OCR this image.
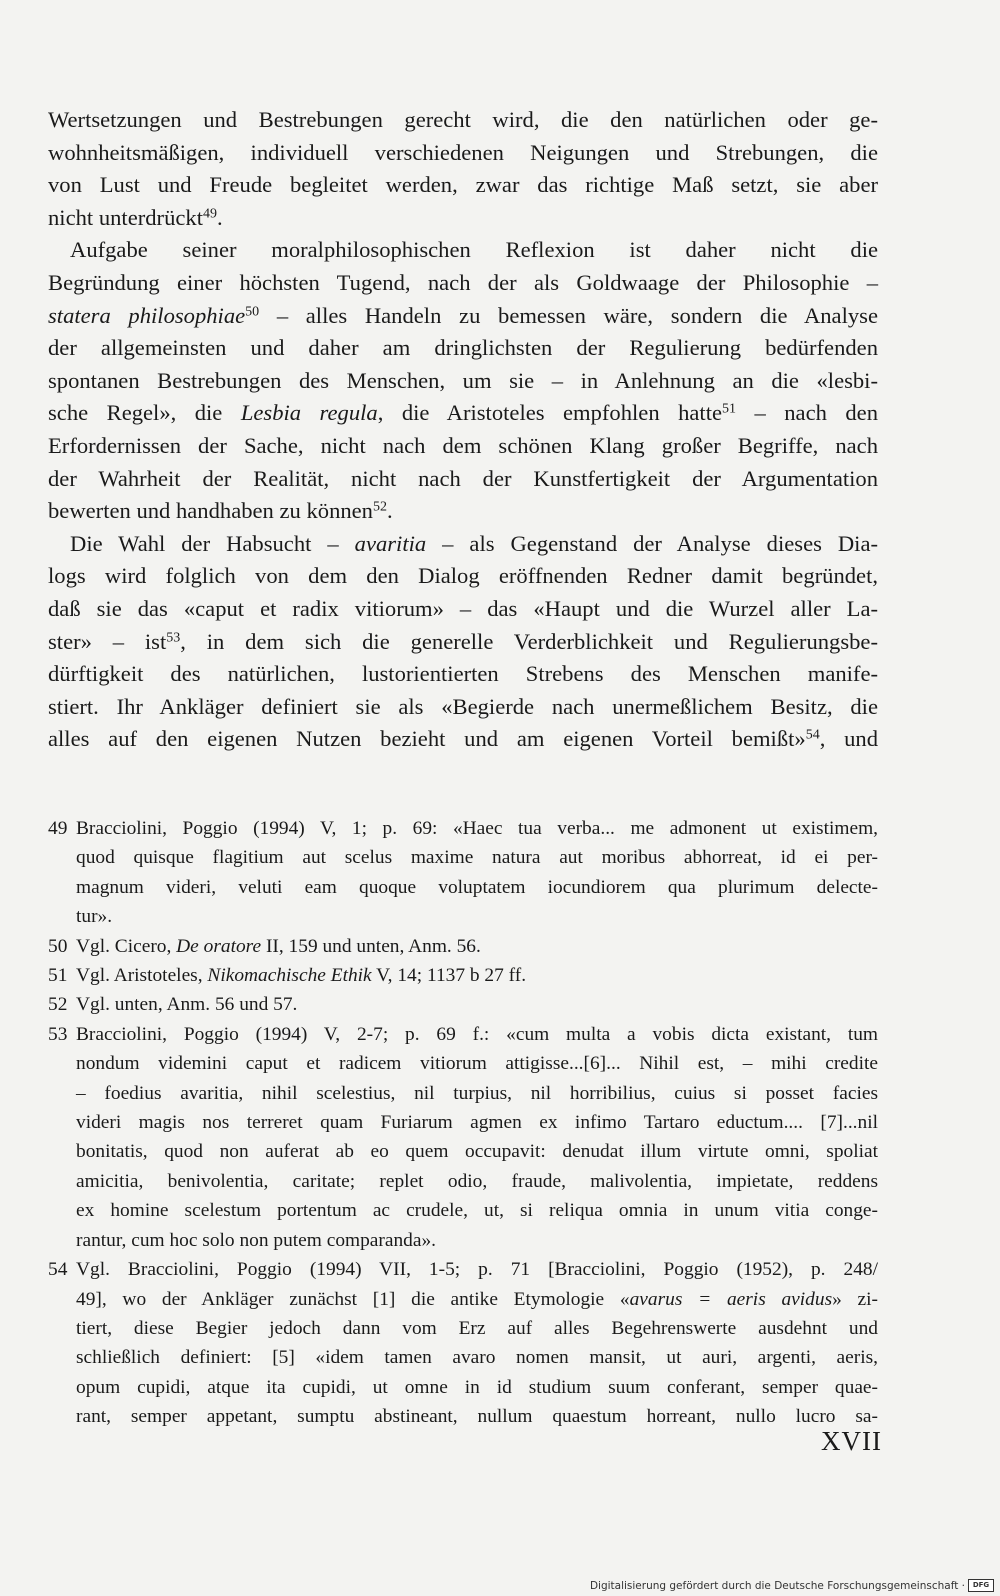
Wertsetzungen und Bestrebungen gerecht wird, die den natürlichen oder ge-
wohnheitsmäßigen, individuell verschiedenen Neigungen und Strebungen, die
von Lust und Freude begleitet werden, zwar das richtige Maß setzt, sie aber
nicht unterdrückt$^{49}$.

Aufgabe seiner moralphilosophischen Reflexion ist daher nicht die
Begründung einer höchsten Tugend, nach der als Goldwaage der Philosophie –
statera philosophiae$^{50}$ – alles Handeln zu bemessen wäre, sondern die Analyse
der allgemeinsten und daher am dringlichsten der Regulierung bedürfenden
spontanen Bestrebungen des Menschen, um sie – in Anlehnung an die «lesbi-
sche Regel», die Lesbia regula, die Aristoteles empfohlen hatte$^{51}$ – nach den
Erfordernissen der Sache, nicht nach dem schönen Klang großer Begriffe, nach
der Wahrheit der Realität, nicht nach der Kunstfertigkeit der Argumentation
bewerten und handhaben zu können$^{52}$.

Die Wahl der Habsucht – avaritia – als Gegenstand der Analyse dieses Dia-
logs wird folglich von dem den Dialog eröffnenden Redner damit begründet,
daß sie das «caput et radix vitiorum» – das «Haupt und die Wurzel aller La-
ster» – ist$^{53}$, in dem sich die generelle Verderblichkeit und Regulierungsbe-
dürftigkeit des natürlichen, lustorientierten Strebens des Menschen manife-
stiert. Ihr Ankläger definiert sie als «Begierde nach unermeßlichem Besitz, die
alles auf den eigenen Nutzen bezieht und am eigenen Vorteil bemißt»$^{54}$, und

49 Bracciolini, Poggio (1994) V, 1; p. 69: «Haec tua verba... me admonent ut existimem,
quod quisque flagitium aut scelus maxime natura aut moribus abhorreat, id ei per-
magnum videri, veluti eam quoque voluptatem iocundiorem qua plurimum delecte-
tur».
50 Vgl. Cicero, De oratore II, 159 und unten, Anm. 56.
51 Vgl. Aristoteles, Nikomachische Ethik V, 14; 1137 b 27 ff.
52 Vgl. unten, Anm. 56 und 57.
53 Bracciolini, Poggio (1994) V, 2-7; p. 69 f.: «cum multa a vobis dicta existant, tum
nondum videmini caput et radicem vitiorum attigisse...[6]... Nihil est, – mihi credite
– foedius avaritia, nihil scelestius, nil turpius, nil horribilius, cuius si posset facies
videri magis nos terreret quam Furiarum agmen ex infimo Tartaro eductum.... [7]...nil
bonitatis, quod non auferat ab eo quem occupavit: denudat illum virtute omni, spoliat
amicitia, benivolentia, caritate; replet odio, fraude, malivolentia, impietate, reddens
ex homine scelestum portentum ac crudele, ut, si reliqua omnia in unum vitia conge-
rantur, cum hoc solo non putem comparanda».
54 Vgl. Bracciolini, Poggio (1994) VII, 1-5; p. 71 [Bracciolini, Poggio (1952), p. 248/
49], wo der Ankläger zunächst [1] die antike Etymologie «avarus = aeris avidus» zi-
tiert, diese Begier jedoch dann vom Erz auf alles Begehrenswerte ausdehnt und
schließlich definiert: [5] «idem tamen avaro nomen mansit, ut auri, argenti, aeris,
opum cupidi, atque ita cupidi, ut omne in id studium suum conferant, semper quae-
rant, semper appetant, sumptu abstineant, nullum quaestum horreant, nullo lucro sa-
XVII
Digitalisierung gefördert durch die Deutsche Forschungsgemeinschaft ·	DFG
